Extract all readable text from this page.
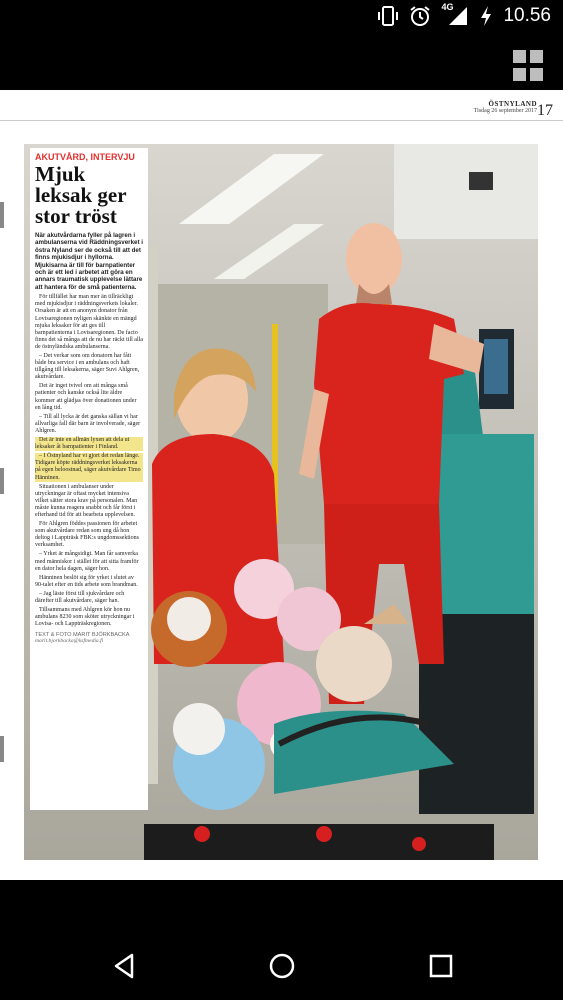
4G	10.56
ÖSTNYLAND
Tisdag 26 september 2017 17
AKUTVÅRD, INTERVJU
Mjuk leksak ger stor tröst
När akutvårdarna fyller på lagren i ambulanserna vid Räddningsverket i östra Nyland ser de också till att det finns mjukisdjur i hyllorna. Mjukisarna är till för barnpatienter och är ett led i arbetet att göra en annars traumatisk upplevelse lättare att hantera för de små patienterna.
För tillfället har man mer än tillräckligt med mjukisdjur i räddningsverkets lokaler. Orsaken är att en anonym donator från Lovisaregionen nyligen skänkte en mängd mjuka leksaker för att ges till barnpatienterna i Lovisaregionen. De facto finns det så många att de nu har räckt till alla de östnyländska ambulanserna.
– Det verkar som om donatorn har fått både bra service i en ambulans och haft tillgång till leksakerna, säger Suvi Ahlgren, akutvårdare.
Det är inget tvivel om att många små patienter och kanske också lite äldre kommer att glädjas över donationen under en lång tid.
– Till all lycka är det ganska sällan vi har allvarliga fall där barn är involverade, säger Ahlgren.
Det är inte en allmän lyxen att dela ut leksaker åt barnpatienter i Finland.
– I Östnyland har vi gjort det redan länge. Tidigare köpte räddningsverket leksakerna på egen beloostnad, säger akutvårdare Timo Hänninen.
Situationen i ambulanser under utryckningar är oftast mycket intensiva vilket sätter stora krav på personalen. Man måste kunna reagera snabbt och får först i efterhand tid för att bearbeta upplevelsen.
För Ahlgren föddes passionen för arbetet som akutvårdare redan som ung då hon deltog i Lappträsk FBK:s ungdomssektions verksamhet.
– Yrket är mångsidigt. Man får samverka med människor i stället för att sitta framför en dator hela dagen, säger hon.
Hänninen beslöt sig för yrket i slutet av 90-talet efter en tids arbete som brandman.
– Jag läste först till sjukvårdare och därefter till akutvårdare, säger han.
Tillsammans med Ahlgren kör hon nu ambulans 8230 som sköter utryckningar i Lovisa- och Lappträskregionen.
TEXT & FOTO MARIT BJÖRKBACKA
marit.bjorkbacka@ksfmedia.fi
